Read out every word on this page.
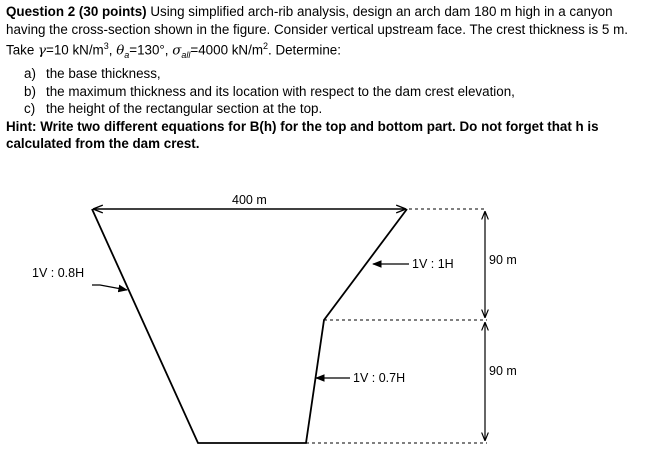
Question 2 (30 points) Using simplified arch-rib analysis, design an arch dam 180 m high in a canyon having the cross-section shown in the figure. Consider vertical upstream face. The crest thickness is 5 m. Take γ=10 $kN/m^3$, $\theta_a=130^\circ$, $\sigma_{all}=4000$ $kN/m^2$. Determine:

a) the base thickness,
b) the maximum thickness and its location with respect to the dam crest elevation,
c) the height of the rectangular section at the top.

Hint: Write two different equations for B(h) for the top and bottom part. Do not forget that h is calculated from the dam crest.

400 m
90 m
90 m
1V : 0.8H
1V : 1H
1V : 0.7H
